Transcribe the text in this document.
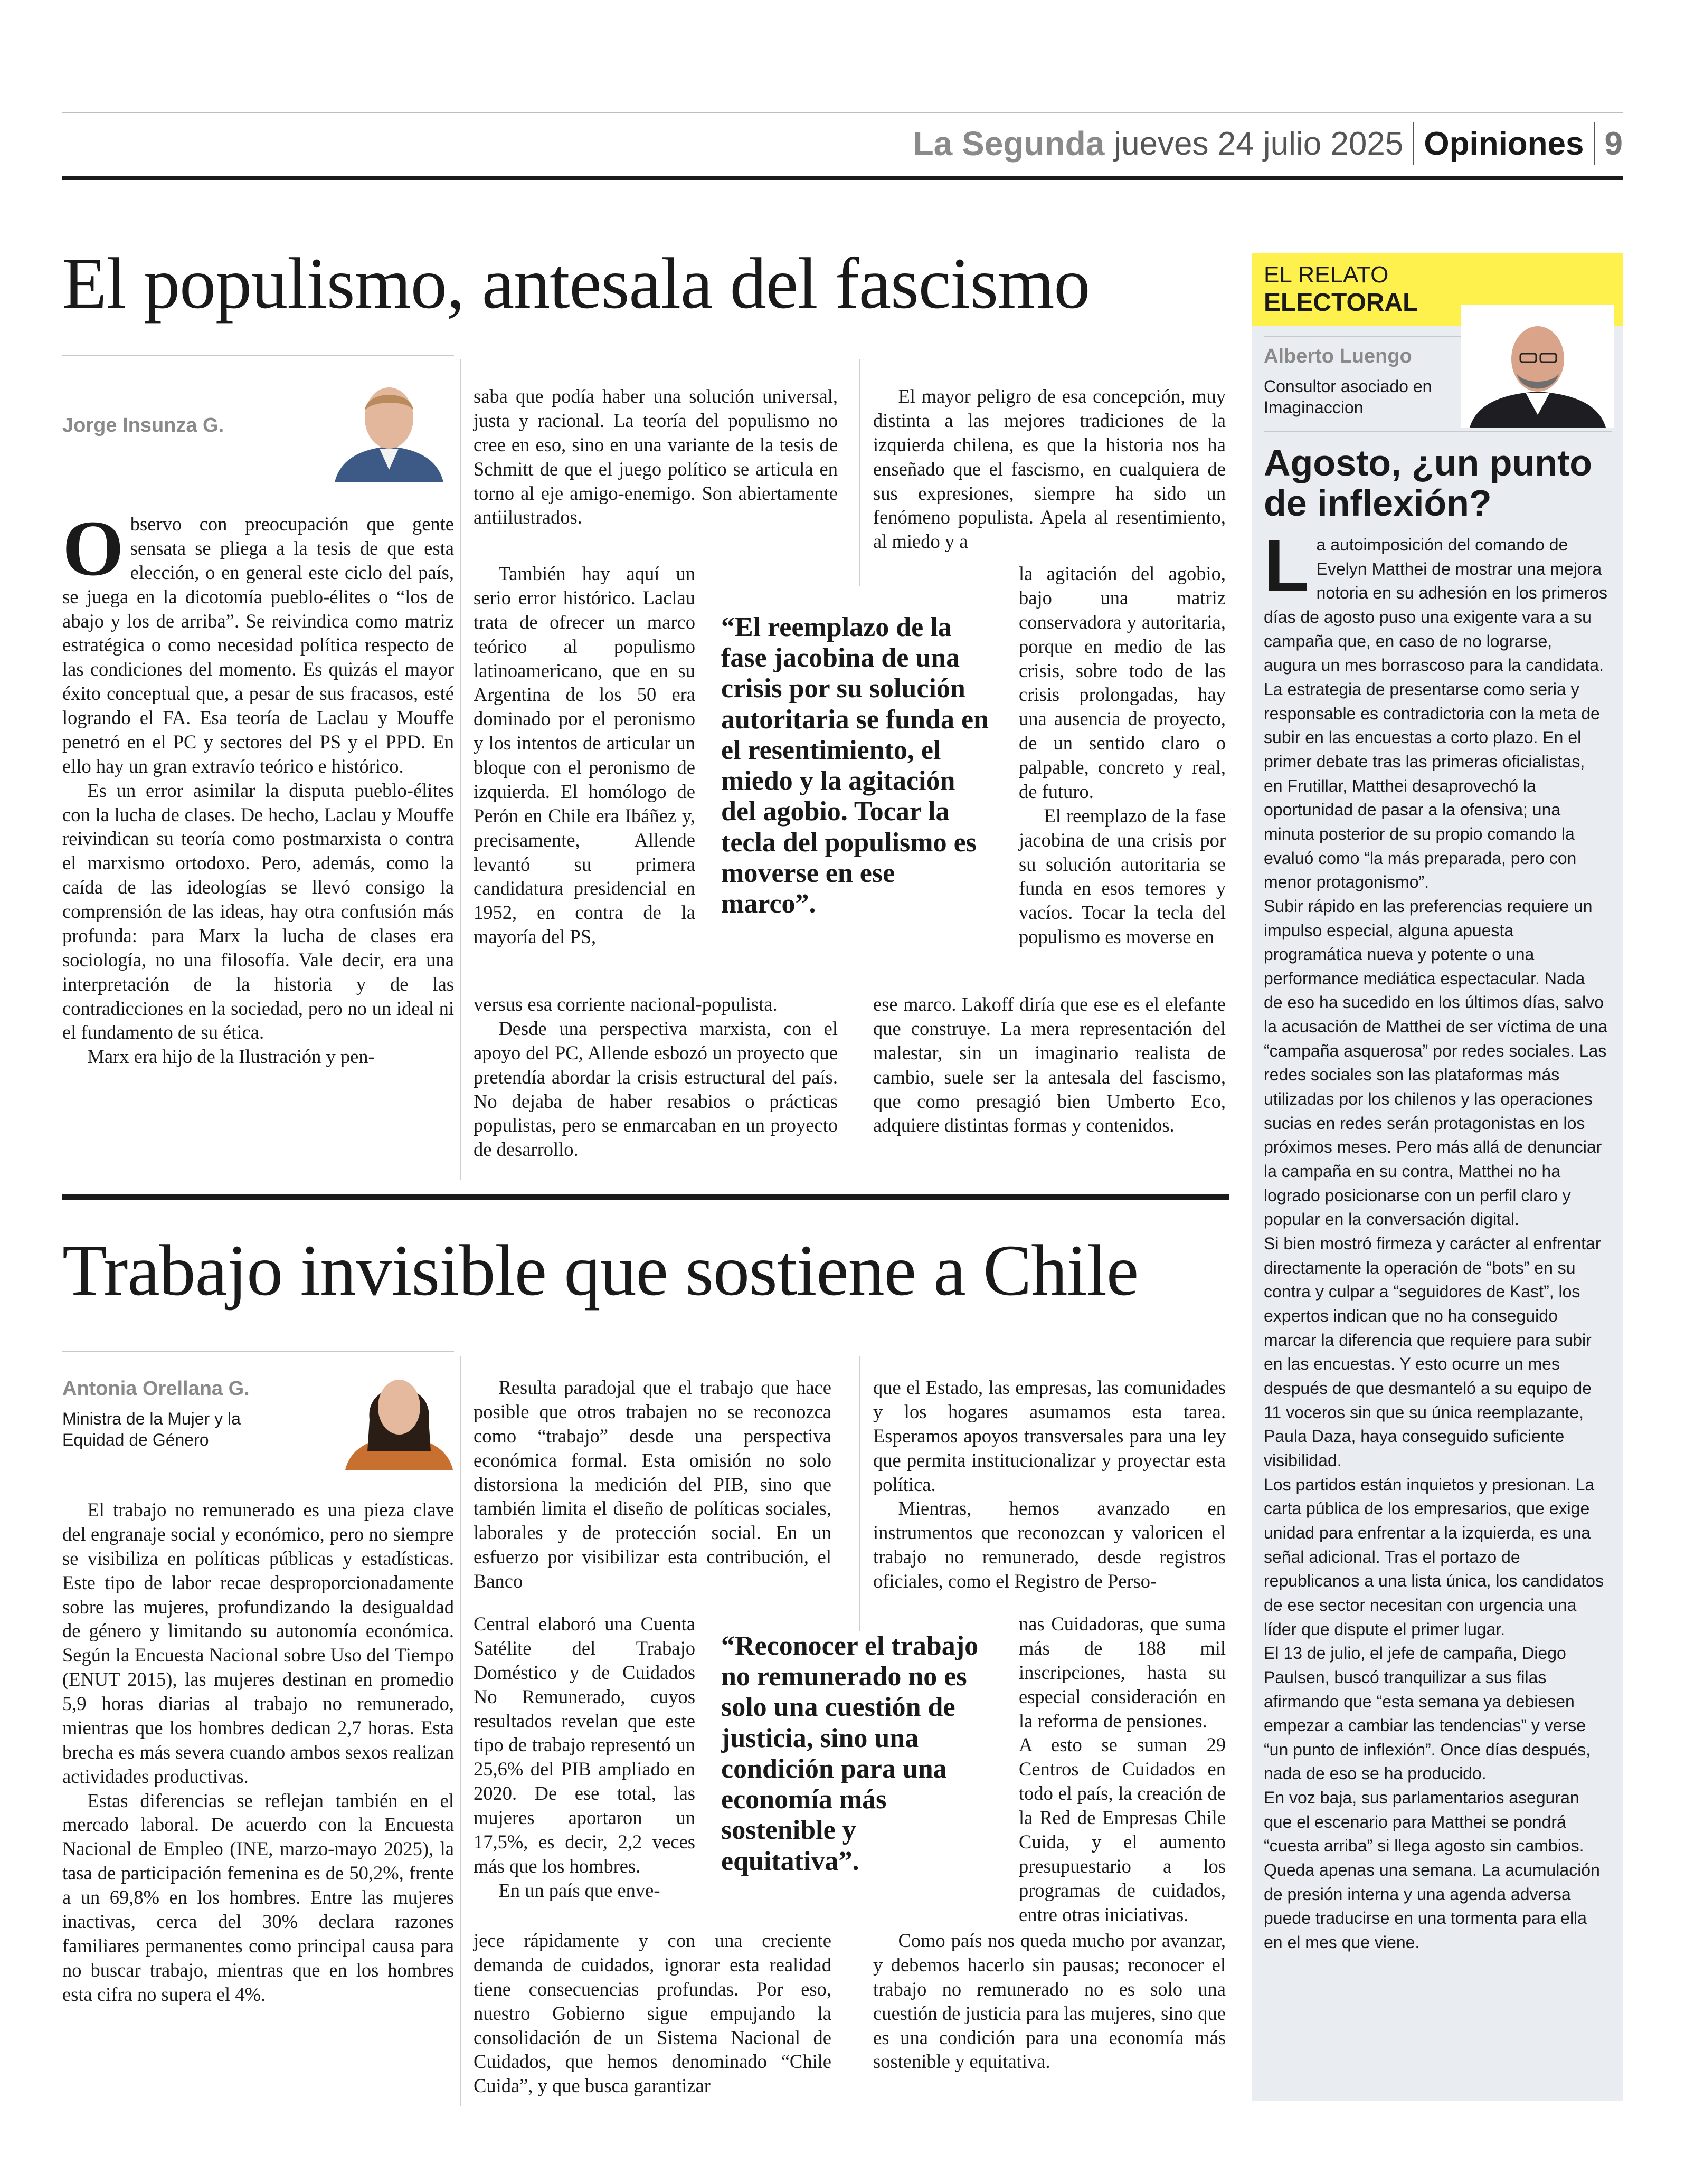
La Segunda jueves 24 julio 2025 Opiniones 9
El populismo, antesala del fascismo
Jorge Insunza G.
O bservo con preocupación que gente sensata se pliega a la tesis de que esta elección, o en general este ciclo del país, se juega en la dicotomía pueblo-élites o “los de abajo y los de arriba”. Se reivindica como matriz estratégica o como necesidad política respecto de las condiciones del momento. Es quizás el mayor éxito conceptual que, a pesar de sus fracasos, esté logrando el FA. Esa teoría de Laclau y Mouffe penetró en el PC y sectores del PS y el PPD. En ello hay un gran extravío teórico e histórico.

Es un error asimilar la disputa pueblo-élites con la lucha de clases. De hecho, Laclau y Mouffe reivindican su teoría como postmarxista o contra el marxismo ortodoxo. Pero, además, como la caída de las ideologías se llevó consigo la comprensión de las ideas, hay otra confusión más profunda: para Marx la lucha de clases era sociología, no una filosofía. Vale decir, era una interpretación de la historia y de las contradicciones en la sociedad, pero no un ideal ni el fundamento de su ética.

Marx era hijo de la Ilustración y pen-

saba que podía haber una solución universal, justa y racional. La teoría del populismo no cree en eso, sino en una variante de la tesis de Schmitt de que el juego político se articula en torno al eje amigo-enemigo. Son abiertamente antiilustrados.

También hay aquí un serio error histórico. Laclau trata de ofrecer un marco teórico al populismo latinoamericano, que en su Argentina de los 50 era dominado por el peronismo y los intentos de articular un bloque con el peronismo de izquierda. El homólogo de Perón en Chile era Ibáñez y, precisamente, Allende levantó su primera candidatura presidencial en 1952, en contra de la mayoría del PS,

versus esa corriente nacional-populista.

Desde una perspectiva marxista, con el apoyo del PC, Allende esbozó un proyecto que pretendía abordar la crisis estructural del país. No dejaba de haber resabios o prácticas populistas, pero se enmarcaban en un proyecto de desarrollo.

El mayor peligro de esa concepción, muy distinta a las mejores tradiciones de la izquierda chilena, es que la historia nos ha enseñado que el fascismo, en cualquiera de sus expresiones, siempre ha sido un fenómeno populista. Apela al resentimiento, al miedo y a

la agitación del agobio, bajo una matriz conservadora y autoritaria, porque en medio de las crisis, sobre todo de las crisis prolongadas, hay una ausencia de proyecto, de un sentido claro o palpable, concreto y real, de futuro.

El reemplazo de la fase jacobina de una crisis por su solución autoritaria se funda en esos temores y vacíos. Tocar la tecla del populismo es moverse en

ese marco. Lakoff diría que ese es el elefante que construye. La mera representación del malestar, sin un imaginario realista de cambio, suele ser la antesala del fascismo, que como presagió bien Umberto Eco, adquiere distintas formas y contenidos.

“El reemplazo de la fase jacobina de una crisis por su solución autoritaria se funda en el resentimiento, el miedo y la agitación del agobio. Tocar la tecla del populismo es moverse en ese marco”.
Trabajo invisible que sostiene a Chile
Antonia Orellana G.
Ministra de la Mujer y la Equidad de Género

El trabajo no remunerado es una pieza clave del engranaje social y económico, pero no siempre se visibiliza en políticas públicas y estadísticas. Este tipo de labor recae desproporcionadamente sobre las mujeres, profundizando la desigualdad de género y limitando su autonomía económica. Según la Encuesta Nacional sobre Uso del Tiempo (ENUT 2015), las mujeres destinan en promedio 5,9 horas diarias al trabajo no remunerado, mientras que los hombres dedican 2,7 horas. Esta brecha es más severa cuando ambos sexos realizan actividades productivas.

Estas diferencias se reflejan también en el mercado laboral. De acuerdo con la Encuesta Nacional de Empleo (INE, marzo-mayo 2025), la tasa de participación femenina es de 50,2%, frente a un 69,8% en los hombres. Entre las mujeres inactivas, cerca del 30% declara razones familiares permanentes como principal causa para no buscar trabajo, mientras que en los hombres esta cifra no supera el 4%.

Resulta paradojal que el trabajo que hace posible que otros trabajen no se reconozca como “trabajo” desde una perspectiva económica formal. Esta omisión no solo distorsiona la medición del PIB, sino que también limita el diseño de políticas sociales, laborales y de protección social. En un esfuerzo por visibilizar esta contribución, el Banco

Central elaboró una Cuenta Satélite del Trabajo Doméstico y de Cuidados No Remunerado, cuyos resultados revelan que este tipo de trabajo representó un 25,6% del PIB ampliado en 2020. De ese total, las mujeres aportaron un 17,5%, es decir, 2,2 veces más que los hombres.

En un país que enve-

jece rápidamente y con una creciente demanda de cuidados, ignorar esta realidad tiene consecuencias profundas. Por eso, nuestro Gobierno sigue empujando la consolidación de un Sistema Nacional de Cuidados, que hemos denominado “Chile Cuida”, y que busca garantizar

que el Estado, las empresas, las comunidades y los hogares asumamos esta tarea. Esperamos apoyos transversales para una ley que permita institucionalizar y proyectar esta política.

Mientras, hemos avanzado en instrumentos que reconozcan y valoricen el trabajo no remunerado, desde registros oficiales, como el Registro de Perso-

nas Cuidadoras, que suma más de 188 mil inscripciones, hasta su especial consideración en la reforma de pensiones.

A esto se suman 29 Centros de Cuidados en todo el país, la creación de la Red de Empresas Chile Cuida, y el aumento presupuestario a los programas de cuidados, entre otras iniciativas.

Como país nos queda mucho por avanzar, y debemos hacerlo sin pausas; reconocer el trabajo no remunerado no es solo una cuestión de justicia para las mujeres, sino que es una condición para una economía más sostenible y equitativa.

“Reconocer el trabajo no remunerado no es solo una cuestión de justicia, sino una condición para una economía más sostenible y equitativa”.
EL RELATO
ELECTORAL
Alberto Luengo
Consultor asociado en Imaginaccion
Agosto, ¿un punto de inflexión?
L a autoimposición del comando de Evelyn Matthei de mostrar una mejora notoria en su adhesión en los primeros días de agosto puso una exigente vara a su campaña que, en caso de no lograrse, augura un mes borrascoso para la candidata. La estrategia de presentarse como seria y responsable es contradictoria con la meta de subir en las encuestas a corto plazo. En el primer debate tras las primeras oficialistas, en Frutillar, Matthei desaprovechó la oportunidad de pasar a la ofensiva; una minuta posterior de su propio comando la evaluó como “la más preparada, pero con menor protagonismo”.

Subir rápido en las preferencias requiere un impulso especial, alguna apuesta programática nueva y potente o una performance mediática espectacular. Nada de eso ha sucedido en los últimos días, salvo la acusación de Matthei de ser víctima de una “campaña asquerosa” por redes sociales. Las redes sociales son las plataformas más utilizadas por los chilenos y las operaciones sucias en redes serán protagonistas en los próximos meses. Pero más allá de denunciar la campaña en su contra, Matthei no ha logrado posicionarse con un perfil claro y popular en la conversación digital.

Si bien mostró firmeza y carácter al enfrentar directamente la operación de “bots” en su contra y culpar a “seguidores de Kast”, los expertos indican que no ha conseguido marcar la diferencia que requiere para subir en las encuestas. Y esto ocurre un mes después de que desmanteló a su equipo de 11 voceros sin que su única reemplazante, Paula Daza, haya conseguido suficiente visibilidad.

Los partidos están inquietos y presionan. La carta pública de los empresarios, que exige unidad para enfrentar a la izquierda, es una señal adicional. Tras el portazo de republicanos a una lista única, los candidatos de ese sector necesitan con urgencia una líder que dispute el primer lugar.

El 13 de julio, el jefe de campaña, Diego Paulsen, buscó tranquilizar a sus filas afirmando que “esta semana ya debiesen empezar a cambiar las tendencias” y verse “un punto de inflexión”. Once días después, nada de eso se ha producido.

En voz baja, sus parlamentarios aseguran que el escenario para Matthei se pondrá “cuesta arriba” si llega agosto sin cambios. Queda apenas una semana. La acumulación de presión interna y una agenda adversa puede traducirse en una tormenta para ella en el mes que viene.
